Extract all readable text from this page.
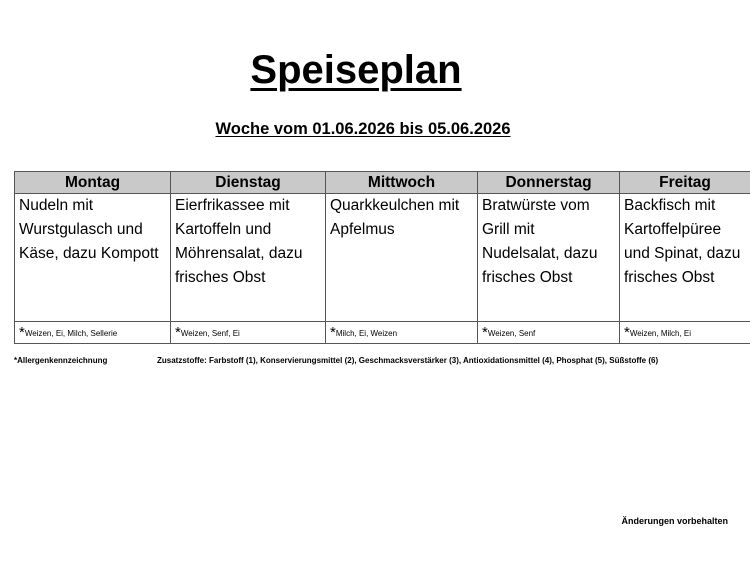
Speiseplan
Woche vom 01.06.2026 bis 05.06.2026
Montag	Dienstag	Mittwoch	Donnerstag	Freitag
Nudeln mit Wurstgulasch und Käse, dazu Kompott	Eierfrikassee mit Kartoffeln und Möhrensalat, dazu frisches Obst	Quarkkeulchen mit Apfelmus	Bratwürste vom Grill mit Nudelsalat, dazu frisches Obst	Backfisch mit Kartoffelpüree und Spinat, dazu frisches Obst
*Weizen, Ei, Milch, Sellerie	*Weizen, Senf, Ei	*Milch, Ei, Weizen	*Weizen, Senf	*Weizen, Milch, Ei
*Allergenkennzeichnung	Zusatzstoffe: Farbstoff (1), Konservierungsmittel (2), Geschmacksverstärker (3), Antioxidationsmittel (4), Phosphat (5), Süßstoffe (6)
Änderungen vorbehalten
